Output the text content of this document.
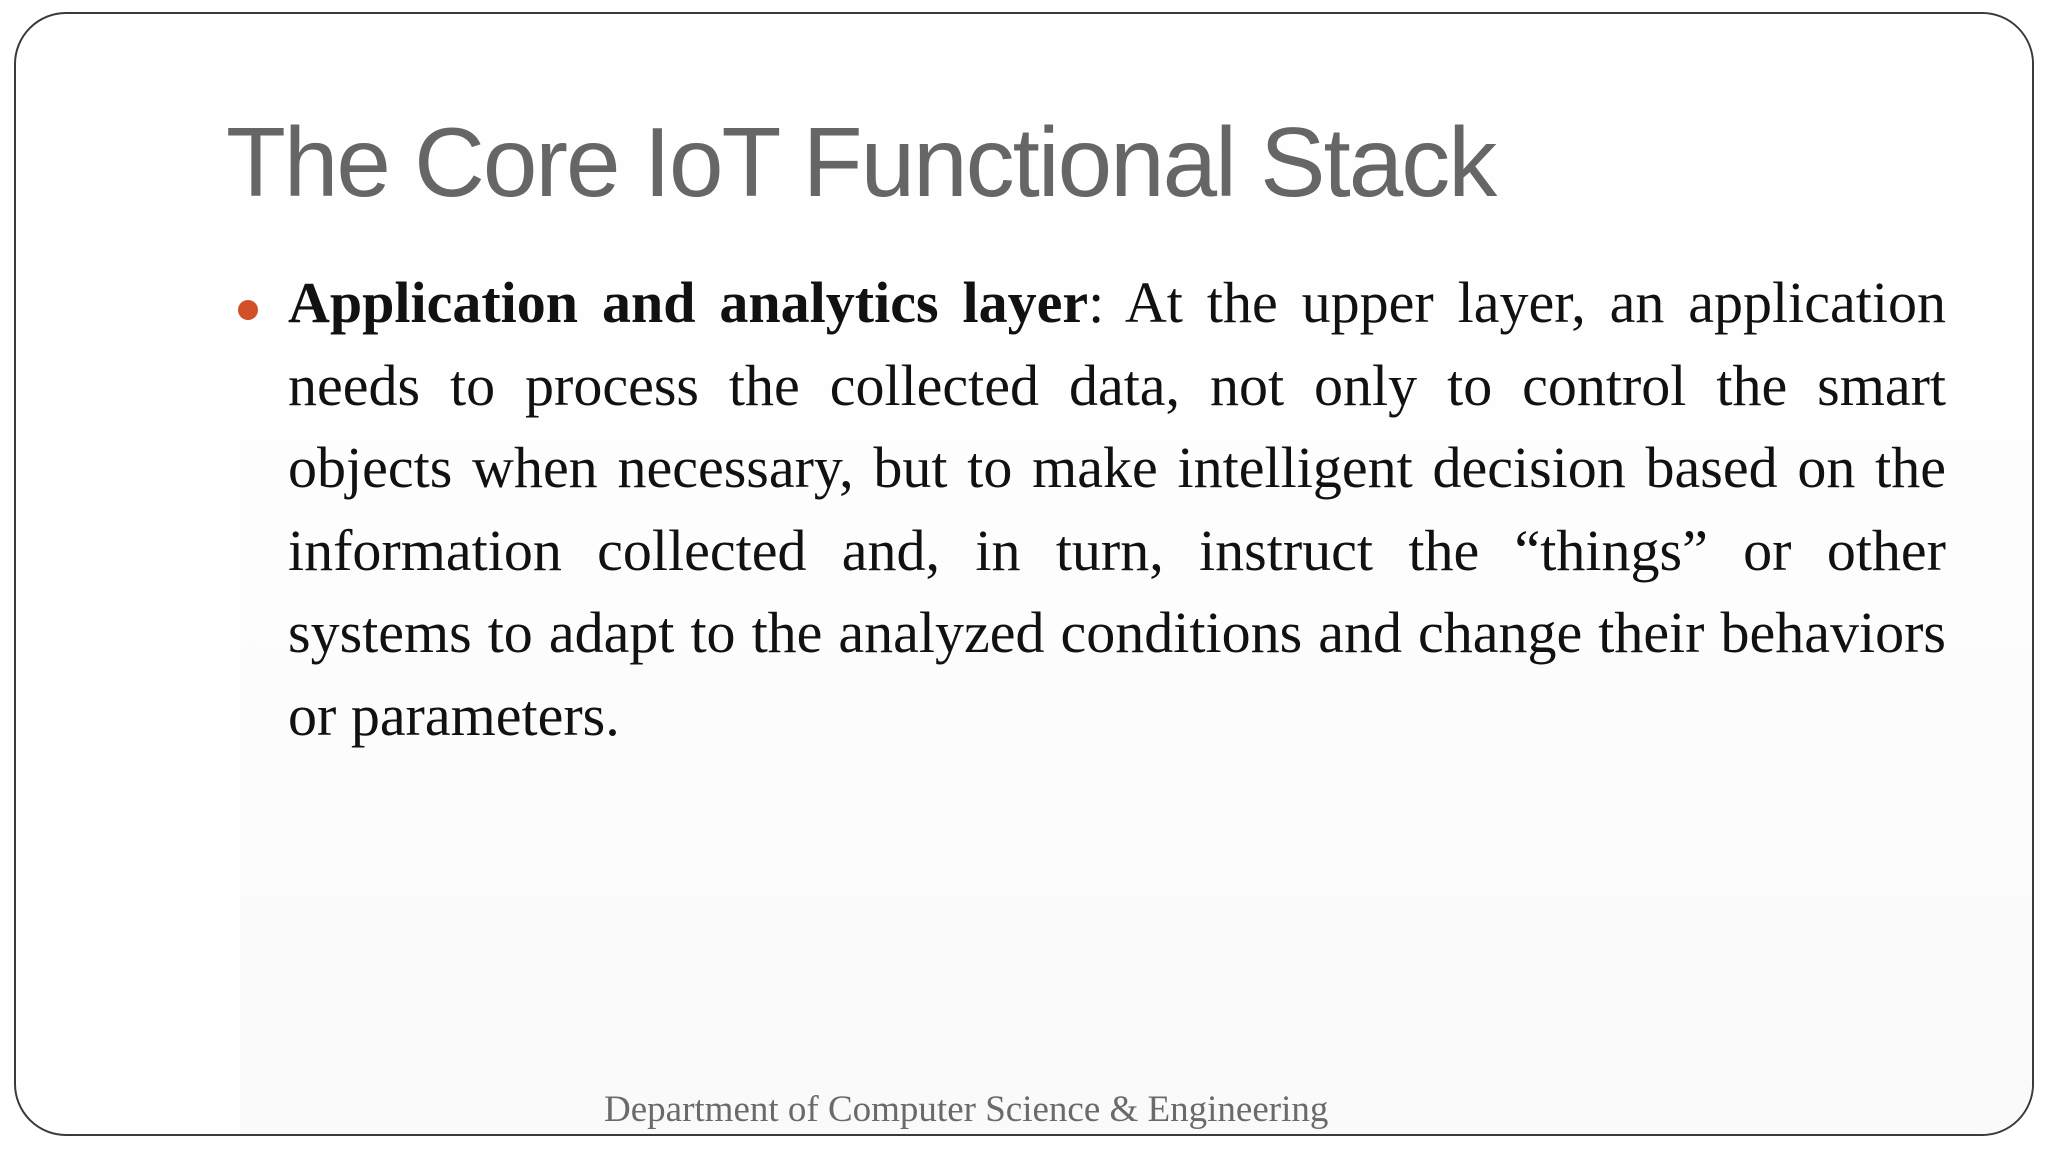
The Core IoT Functional Stack

Application and analytics layer: At the upper layer, an application needs to process the collected data, not only to control the smart objects when necessary, but to make intelligent decision based on the information collected and, in turn, instruct the “things” or other systems to adapt to the analyzed conditions and change their behaviors or parameters.

Department of Computer Science & Engineering
